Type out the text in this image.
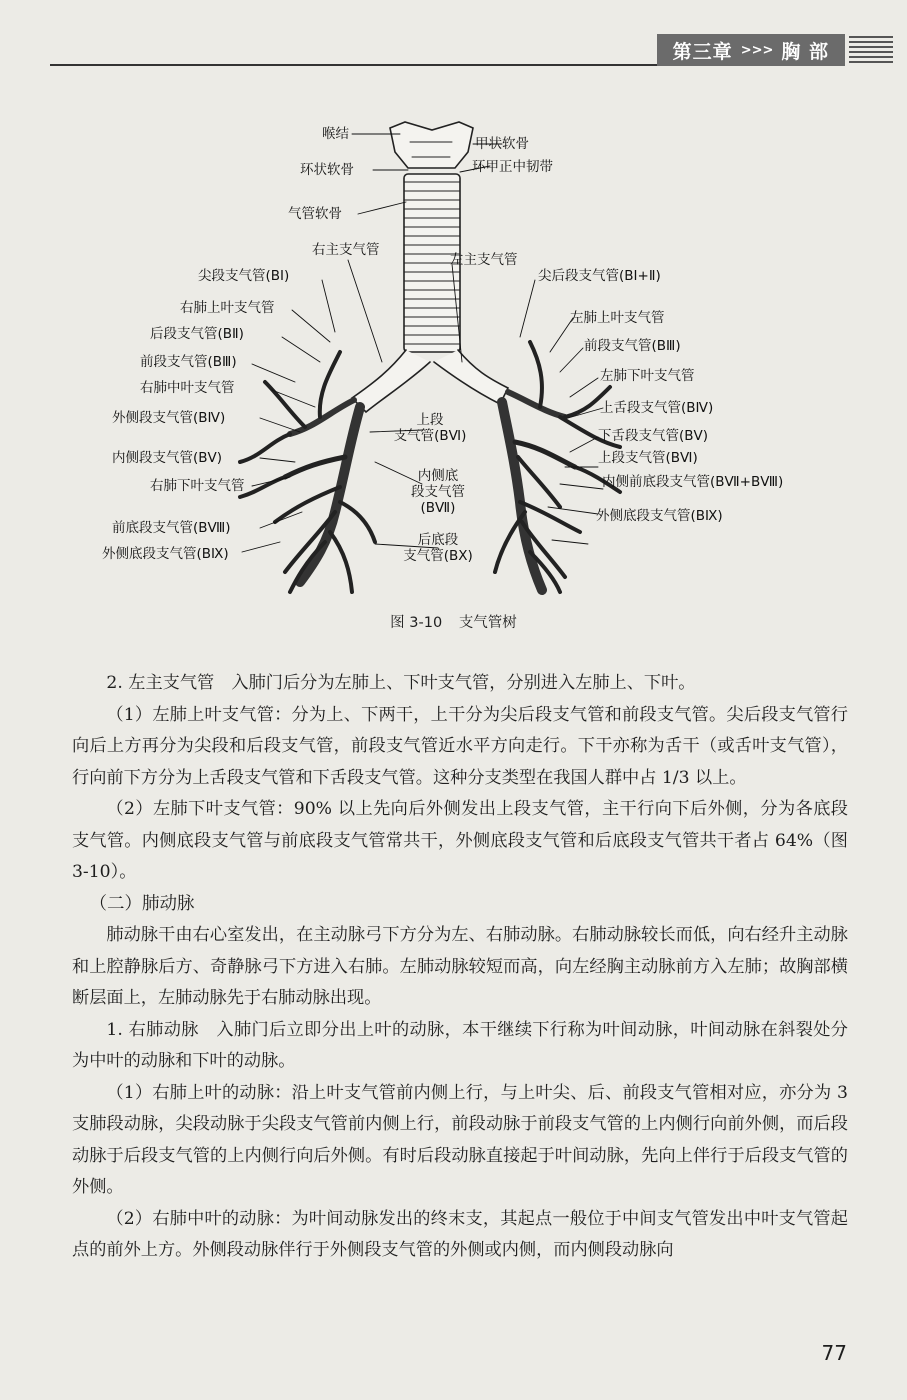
第三章 >>> 胸 部
喉结
甲状软骨
环状软骨	环甲正中韧带
气管软骨
右主支气管
左主支气管
尖段支气管(BⅠ)	尖后段支气管(BⅠ+Ⅱ)
右肺上叶支气管
左肺上叶支气管
后段支气管(BⅡ)
前段支气管(BⅢ)
前段支气管(BⅢ)
左肺下叶支气管
右肺中叶支气管
上舌段支气管(BⅣ)
外侧段支气管(BⅣ)	上段
支气管(BⅥ)	下舌段支气管(BⅤ)
内侧段支气管(BⅤ)	上段支气管(BⅥ)
内侧底
段支气管(BⅦ)
右肺下叶支气管	内侧前底段支气管(BⅦ+BⅧ)
外侧底段支气管(BⅨ)
前底段支气管(BⅧ)
后底段
支气管(BⅩ)
外侧底段支气管(BⅨ)
图 3-10 支气管树

2. 左主支气管　入肺门后分为左肺上、下叶支气管，分别进入左肺上、下叶。

（1）左肺上叶支气管：分为上、下两干，上干分为尖后段支气管和前段支气管。尖后段支气管行向后上方再分为尖段和后段支气管，前段支气管近水平方向走行。下干亦称为舌干（或舌叶支气管），行向前下方分为上舌段支气管和下舌段支气管。这种分支类型在我国人群中占 1/3 以上。

（2）左肺下叶支气管：90% 以上先向后外侧发出上段支气管，主干行向下后外侧，分为各底段支气管。内侧底段支气管与前底段支气管常共干，外侧底段支气管和后底段支气管共干者占 64%（图 3-10）。

（二）肺动脉

肺动脉干由右心室发出，在主动脉弓下方分为左、右肺动脉。右肺动脉较长而低，向右经升主动脉和上腔静脉后方、奇静脉弓下方进入右肺。左肺动脉较短而高，向左经胸主动脉前方入左肺；故胸部横断层面上，左肺动脉先于右肺动脉出现。

1. 右肺动脉　入肺门后立即分出上叶的动脉，本干继续下行称为叶间动脉，叶间动脉在斜裂处分为中叶的动脉和下叶的动脉。

（1）右肺上叶的动脉：沿上叶支气管前内侧上行，与上叶尖、后、前段支气管相对应，亦分为 3 支肺段动脉，尖段动脉于尖段支气管前内侧上行，前段动脉于前段支气管的上内侧行向前外侧，而后段动脉于后段支气管的上内侧行向后外侧。有时后段动脉直接起于叶间动脉，先向上伴行于后段支气管的外侧。

（2）右肺中叶的动脉：为叶间动脉发出的终末支，其起点一般位于中间支气管发出中叶支气管起点的前外上方。外侧段动脉伴行于外侧段支气管的外侧或内侧，而内侧段动脉向

77
